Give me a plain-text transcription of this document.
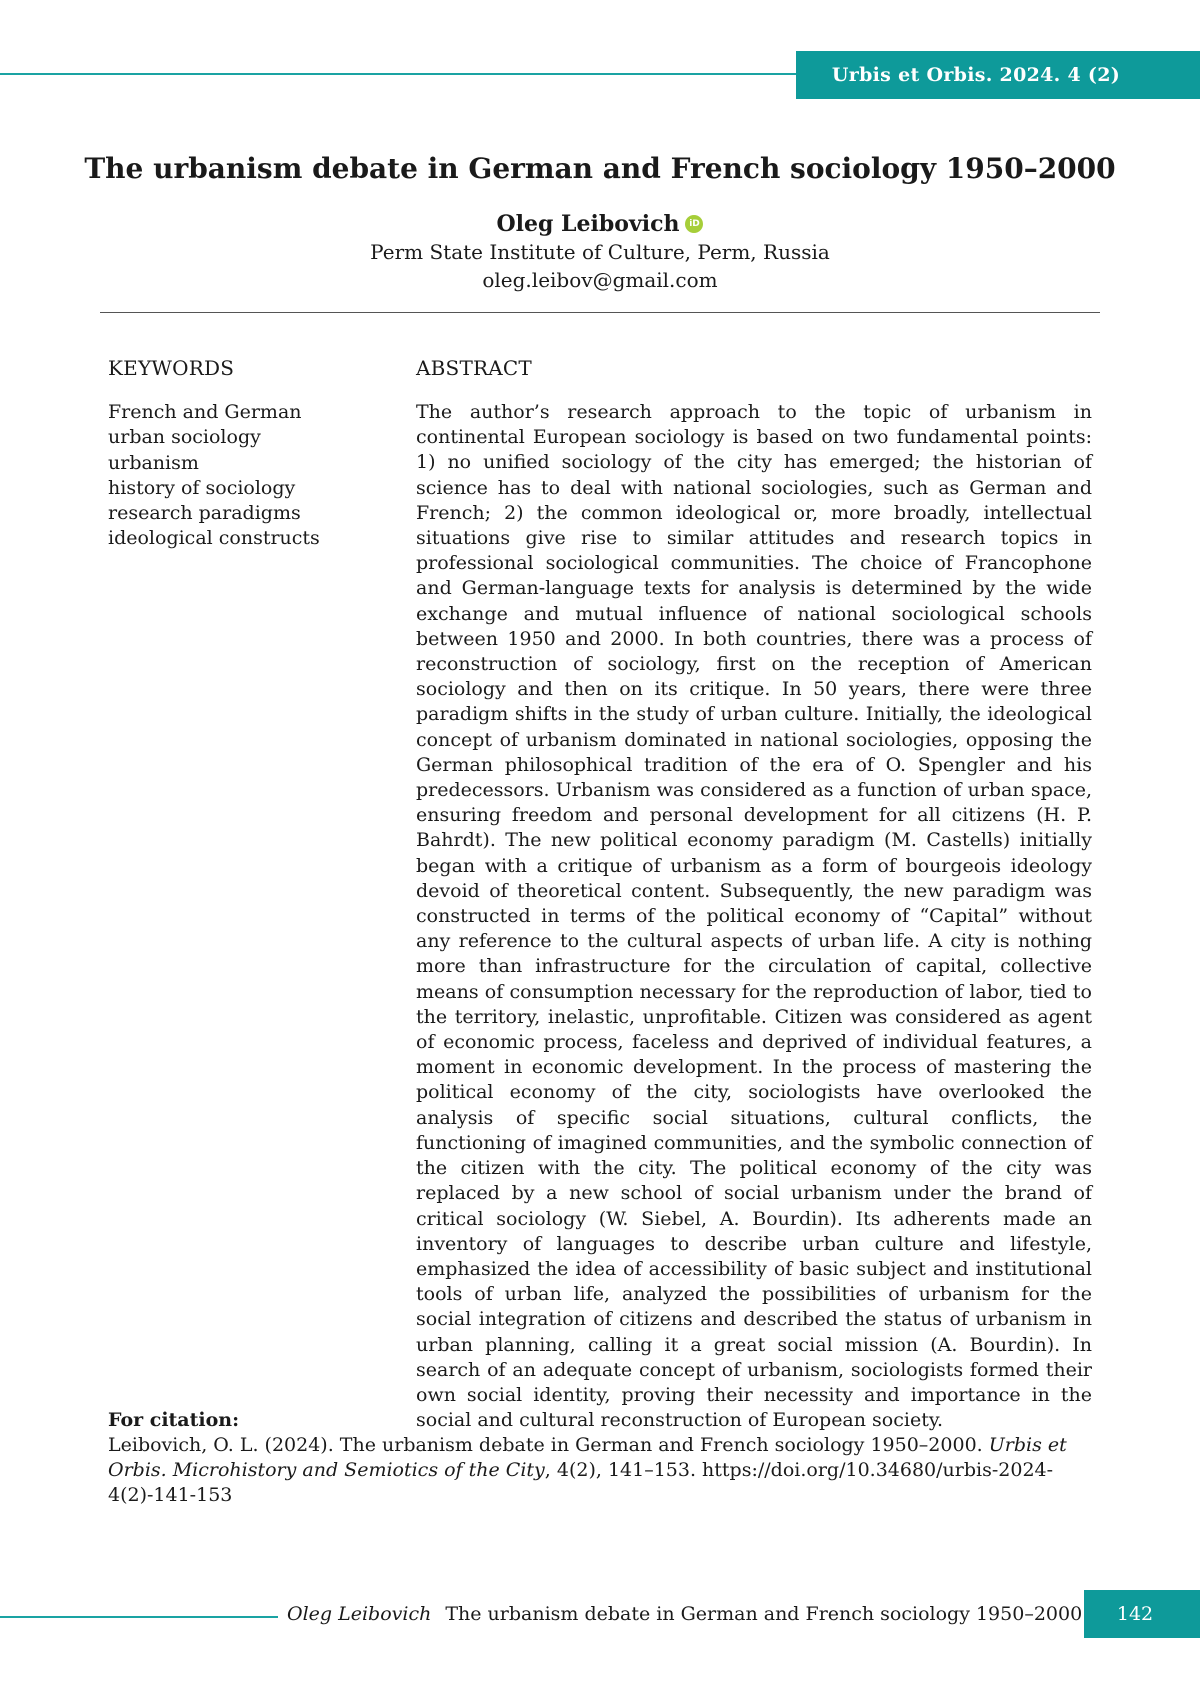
Urbis et Orbis. 2024. 4 (2)
The urbanism debate in German and French sociology 1950–2000
Oleg Leibovich	iD
Perm State Institute of Culture, Perm, Russia
oleg.leibov@gmail.com
KEYWORDS	ABSTRACT
French and German
urban sociology
urbanism
history of sociology
research paradigms
ideological constructs

The author’s research approach to the topic of urbanism in continental European sociology is based on two fundamental points: 1) no unified sociology of the city has emerged; the historian of science has to deal with national sociologies, such as German and French; 2) the common ideological or, more broadly, intellectual situations give rise to similar attitudes and research topics in professional sociological communities. The choice of Francophone and German-language texts for analysis is determined by the wide exchange and mutual influence of national sociological schools between 1950 and 2000. In both countries, there was a process of reconstruction of sociology, first on the reception of American sociology and then on its critique. In 50 years, there were three paradigm shifts in the study of urban culture. Initially, the ideological concept of urbanism dominated in national sociologies, opposing the German philosophical tradition of the era of O. Spengler and his predecessors. Urbanism was considered as a function of urban space, ensuring freedom and personal development for all citizens (H. P. Bahrdt). The new political economy paradigm (M. Castells) initially began with a critique of urbanism as a form of bourgeois ideology devoid of theoretical content. Subsequently, the new paradigm was constructed in terms of the political economy of “Capital” without any reference to the cultural aspects of urban life. A city is nothing more than infrastructure for the circulation of capital, collective means of consumption necessary for the reproduction of labor, tied to the territory, inelastic, unprofitable. Citizen was considered as agent of economic process, faceless and deprived of individual features, a moment in economic development. In the process of mastering the political economy of the city, sociologists have overlooked the analysis of specific social situations, cultural conflicts, the functioning of imagined communities, and the symbolic connection of the citizen with the city. The political economy of the city was replaced by a new school of social urbanism under the brand of critical sociology (W. Siebel, A. Bourdin). Its adherents made an inventory of languages to describe urban culture and lifestyle, emphasized the idea of accessibility of basic subject and institutional tools of urban life, analyzed the possibilities of urbanism for the social integration of citizens and described the status of urbanism in urban planning, calling it a great social mission (A. Bourdin). In search of an adequate concept of urbanism, sociologists formed their own social identity, proving their necessity and importance in the social and cultural reconstruction of European society.

For citation:
Leibovich, O. L. (2024). The urbanism debate in German and French sociology 1950–2000. Urbis et Orbis. Microhistory and Semiotics of the City, 4(2), 141–153. https://doi.org/10.34680/urbis-2024-4(2)-141-153
Oleg Leibovich The urbanism debate in German and French sociology 1950–2000 142
